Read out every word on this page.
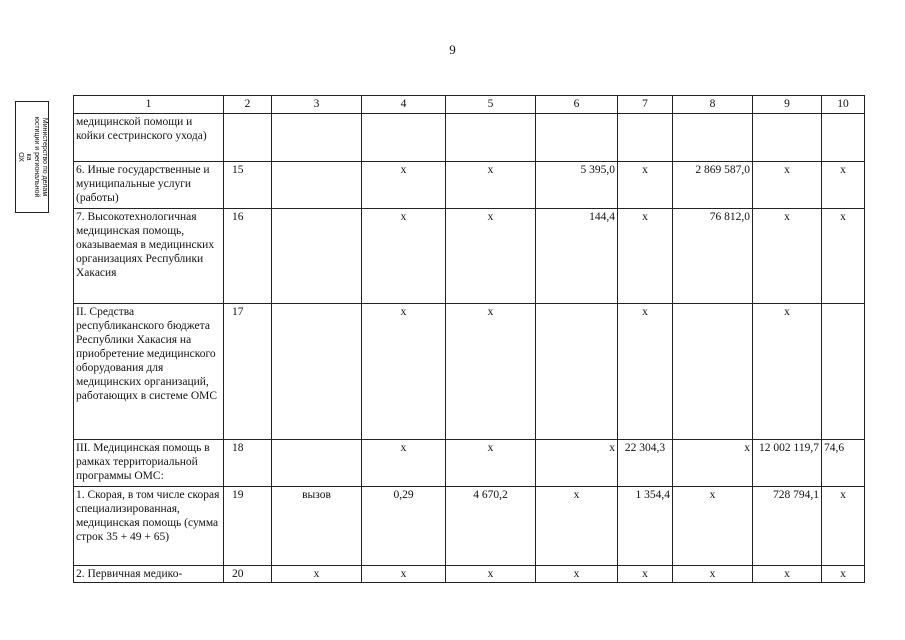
9
Министерство по делам
юстиции и региональной
ка
ОХ
1	2	3	4	5	6	7	8	9	10
медицинской помощи и койки сестринского ухода)									
6. Иные государственные и муниципальные услуги (работы)	15		x	x	5 395,0	x	2 869 587,0	x	x
7. Высокотехнологичная медицинская помощь, оказываемая в медицинских организациях Республики Хакасия	16		x	x	144,4	x	76 812,0	x	x
II. Средства республиканского бюджета Республики Хакасия на приобретение медицинского оборудования для медицинских организаций, работающих в системе ОМС	17		x	x		x		x	
III. Медицинская помощь в рамках территориальной программы ОМС:	18		x	x	x	22 304,3	x	12 002 119,7	74,6
1. Скорая, в том числе скорая специализированная, медицинская помощь (сумма строк 35 + 49 + 65)	19	вызов	0,29	4 670,2	x	1 354,4	x	728 794,1	x
2. Первичная медико-	20	x	x	x	x	x	x	x	x
